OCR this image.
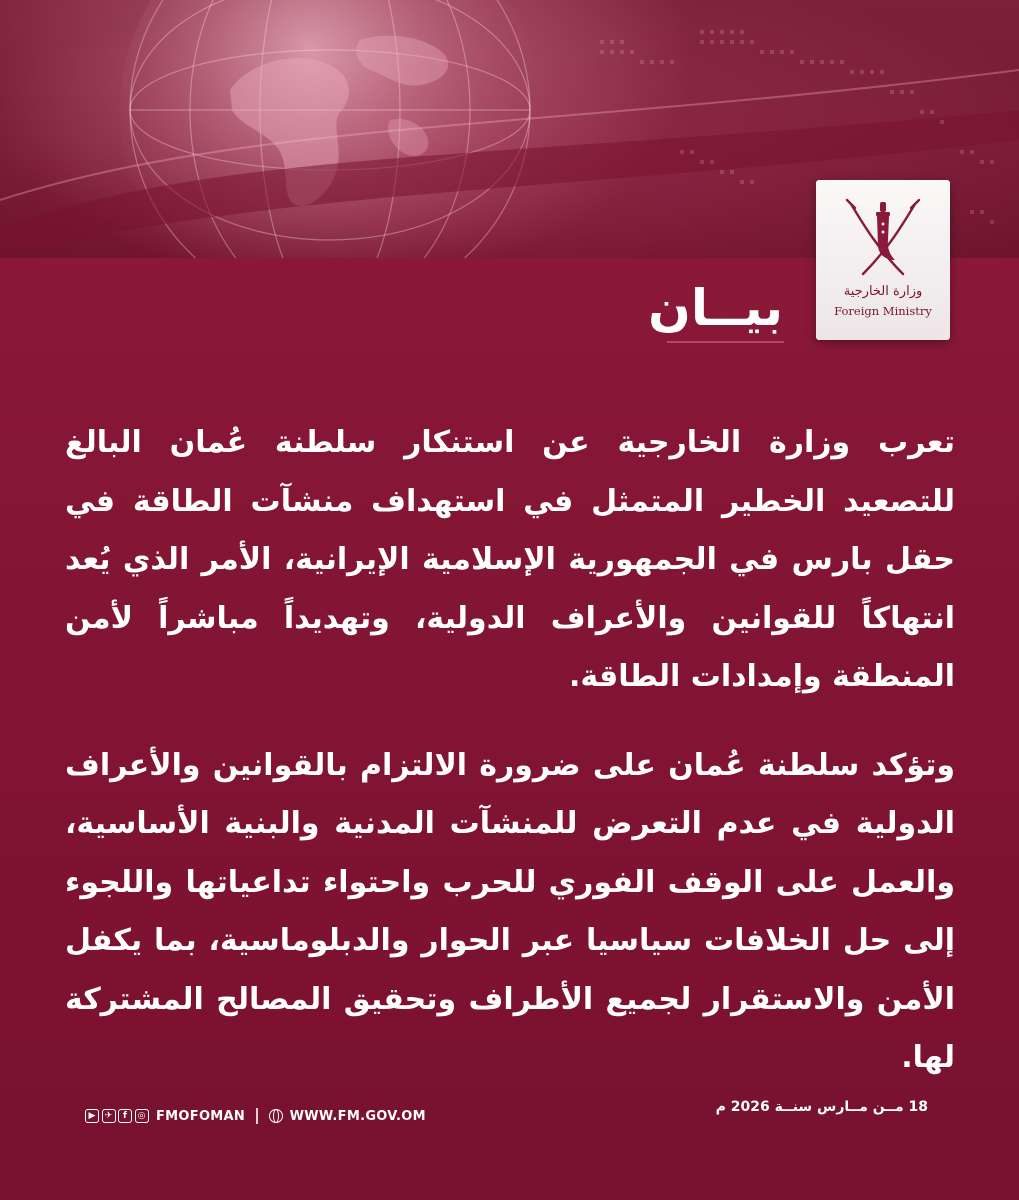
وزارة الخارجية
Foreign Ministry
بيــان

تعرب وزارة الخارجية عن استنكار سلطنة عُمان البالغ للتصعيد الخطير المتمثل في استهداف منشآت الطاقة في حقل بارس في الجمهورية الإسلامية الإيرانية، الأمر الذي يُعد انتهاكاً للقوانين والأعراف الدولية، وتهديداً مباشراً لأمن المنطقة وإمدادات الطاقة.

وتؤكد سلطنة عُمان على ضرورة الالتزام بالقوانين والأعراف الدولية في عدم التعرض للمنشآت المدنية والبنية الأساسية، والعمل على الوقف الفوري للحرب واحتواء تداعياتها واللجوء إلى حل الخلافات سياسيا عبر الحوار والدبلوماسية، بما يكفل الأمن والاستقرار لجميع الأطراف وتحقيق المصالح المشتركة لها.

18 مــن مــارس سنــة 2026 م
▶	✈	f	◎ FMOFOMAN	WWW.FM.GOV.OM
